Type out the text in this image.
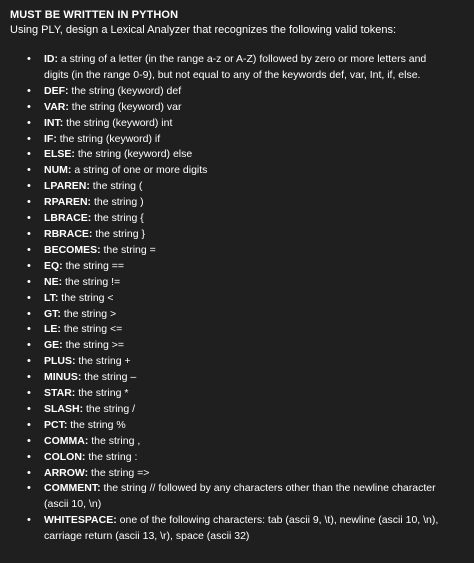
MUST BE WRITTEN IN PYTHON

Using PLY, design a Lexical Analyzer that recognizes the following valid tokens:

• ID: a string of a letter (in the range a-z or A-Z) followed by zero or more letters and digits (in the range 0-9), but not equal to any of the keywords def, var, Int, if, else.
• DEF: the string (keyword) def
• VAR: the string (keyword) var
• INT: the string (keyword) int
• IF: the string (keyword) if
• ELSE: the string (keyword) else
• NUM: a string of one or more digits
• LPAREN: the string (
• RPAREN: the string )
• LBRACE: the string {
• RBRACE: the string }
• BECOMES: the string =
• EQ: the string ==
• NE: the string !=
• LT: the string <
• GT: the string >
• LE: the string <=
• GE: the string >=
• PLUS: the string +
• MINUS: the string –
• STAR: the string *
• SLASH: the string /
• PCT: the string %
• COMMA: the string ,
• COLON: the string :
• ARROW: the string =>
• COMMENT: the string // followed by any characters other than the newline character (ascii 10, \n)
• WHITESPACE: one of the following characters: tab (ascii 9, \t), newline (ascii 10, \n), carriage return (ascii 13, \r), space (ascii 32)
